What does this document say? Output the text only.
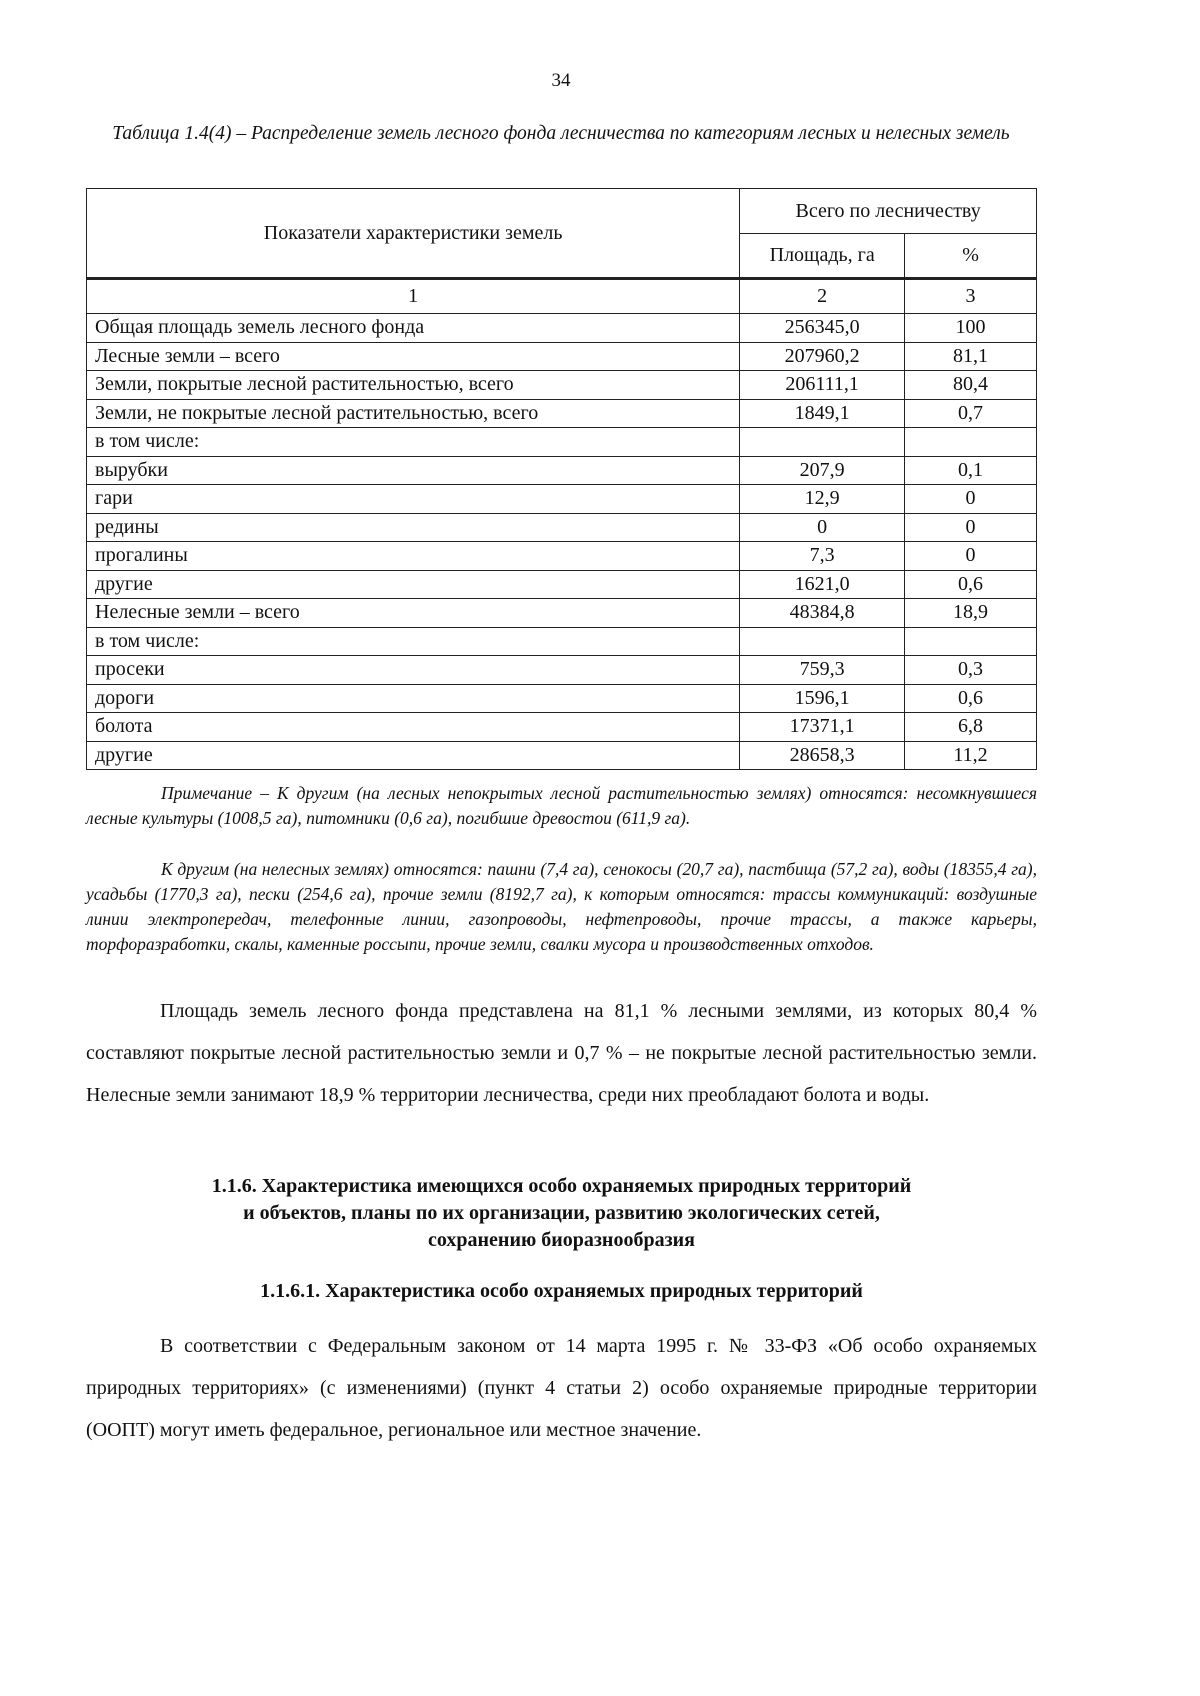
34
Таблица 1.4(4) – Распределение земель лесного фонда лесничества по категориям лесных и нелесных земель
Показатели характеристики земель	Всего по лесничеству	
	Площадь, га	%
1	2	3
Общая площадь земель лесного фонда	256345,0	100
Лесные земли – всего	207960,2	81,1
Земли, покрытые лесной растительностью, всего	206111,1	80,4
Земли, не покрытые лесной растительностью, всего	1849,1	0,7
в том числе:		
вырубки	207,9	0,1
гари	12,9	0
редины	0	0
прогалины	7,3	0
другие	1621,0	0,6
Нелесные земли – всего	48384,8	18,9
в том числе:		
просеки	759,3	0,3
дороги	1596,1	0,6
болота	17371,1	6,8
другие	28658,3	11,2
Примечание – К другим (на лесных непокрытых лесной растительностью землях) относятся: несомкнувшиеся лесные культуры (1008,5 га), питомники (0,6 га), погибшие древостои (611,9 га).
К другим (на нелесных землях) относятся: пашни (7,4 га), сенокосы (20,7 га), пастбища (57,2 га), воды (18355,4 га), усадьбы (1770,3 га), пески (254,6 га), прочие земли (8192,7 га), к которым относятся: трассы коммуникаций: воздушные линии электропередач, телефонные линии, газопроводы, нефтепроводы, прочие трассы, а также карьеры, торфоразработки, скалы, каменные россыпи, прочие земли, свалки мусора и производственных отходов.
Площадь земель лесного фонда представлена на 81,1 % лесными землями, из которых 80,4 % составляют покрытые лесной растительностью земли и 0,7 % – не покрытые лесной растительностью земли. Нелесные земли занимают 18,9 % территории лесничества, среди них преобладают болота и воды.
1.1.6. Характеристика имеющихся особо охраняемых природных территорий
и объектов, планы по их организации, развитию экологических сетей,
сохранению биоразнообразия
1.1.6.1. Характеристика особо охраняемых природных территорий
В соответствии с Федеральным законом от 14 марта 1995 г. № 33-ФЗ «Об особо охраняемых природных территориях» (с изменениями) (пункт 4 статьи 2) особо охраняемые природные территории (ООПТ) могут иметь федеральное, региональное или местное значение.
